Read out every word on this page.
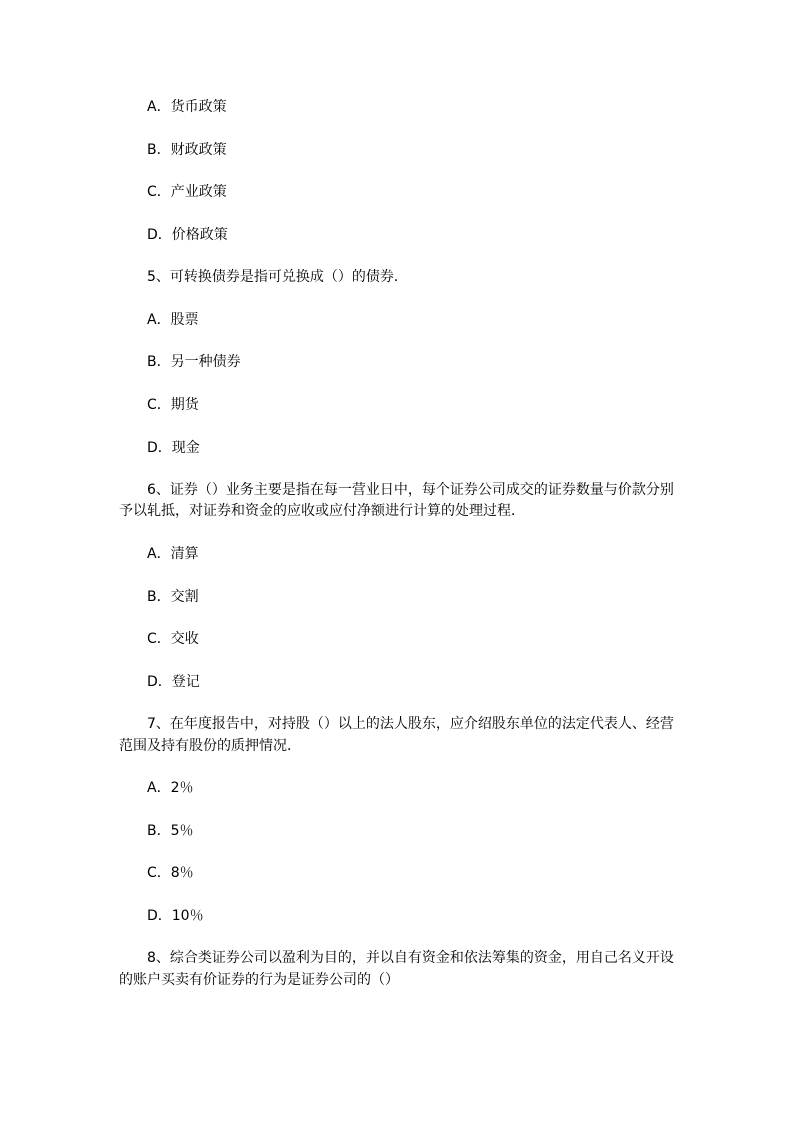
A．货币政策
B．财政政策
C．产业政策
D．价格政策
5、可转换债券是指可兑换成（）的债券．
A．股票
B．另一种债券
C．期货
D．现金
6、证券（）业务主要是指在每一营业日中，每个证券公司成交的证券数量与价款分别
予以轧抵，对证券和资金的应收或应付净额进行计算的处理过程．
A．清算
B．交割
C．交收
D．登记
7、在年度报告中，对持股（）以上的法人股东，应介绍股东单位的法定代表人、经营
范围及持有股份的质押情况．
A．2％
B．5％
C．8％
D．10％
8、综合类证券公司以盈利为目的，并以自有资金和依法筹集的资金，用自己名义开设
的账户买卖有价证券的行为是证券公司的（）
